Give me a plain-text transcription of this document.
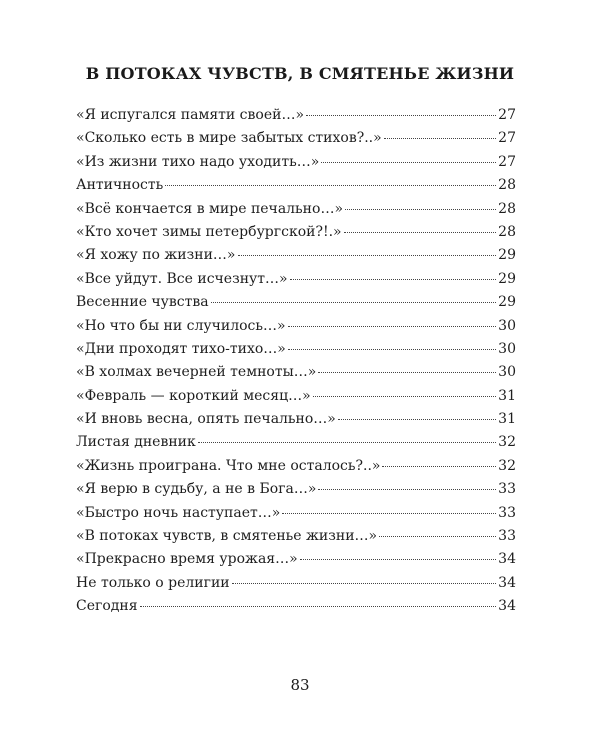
В ПОТОКАХ ЧУВСТВ, В СМЯТЕНЬЕ ЖИЗНИ
«Я испугался памяти своей…»	27
«Сколько есть в мире забытых стихов?..»	27
«Из жизни тихо надо уходить…»	27
Античность	28
«Всё кончается в мире печально…»	28
«Кто хочет зимы петербургской?!.»	28
«Я хожу по жизни…»	29
«Все уйдут. Все исчезнут…»	29
Весенние чувства	29
«Но что бы ни случилось…»	30
«Дни проходят тихо-тихо…»	30
«В холмах вечерней темноты…»	30
«Февраль — короткий месяц…»	31
«И вновь весна, опять печально…»	31
Листая дневник	32
«Жизнь проиграна. Что мне осталось?..»	32
«Я верю в судьбу, а не в Бога…»	33
«Быстро ночь наступает…»	33
«В потоках чувств, в смятенье жизни…»	33
«Прекрасно время урожая…»	34
Не только о религии	34
Сегодня	34
83
